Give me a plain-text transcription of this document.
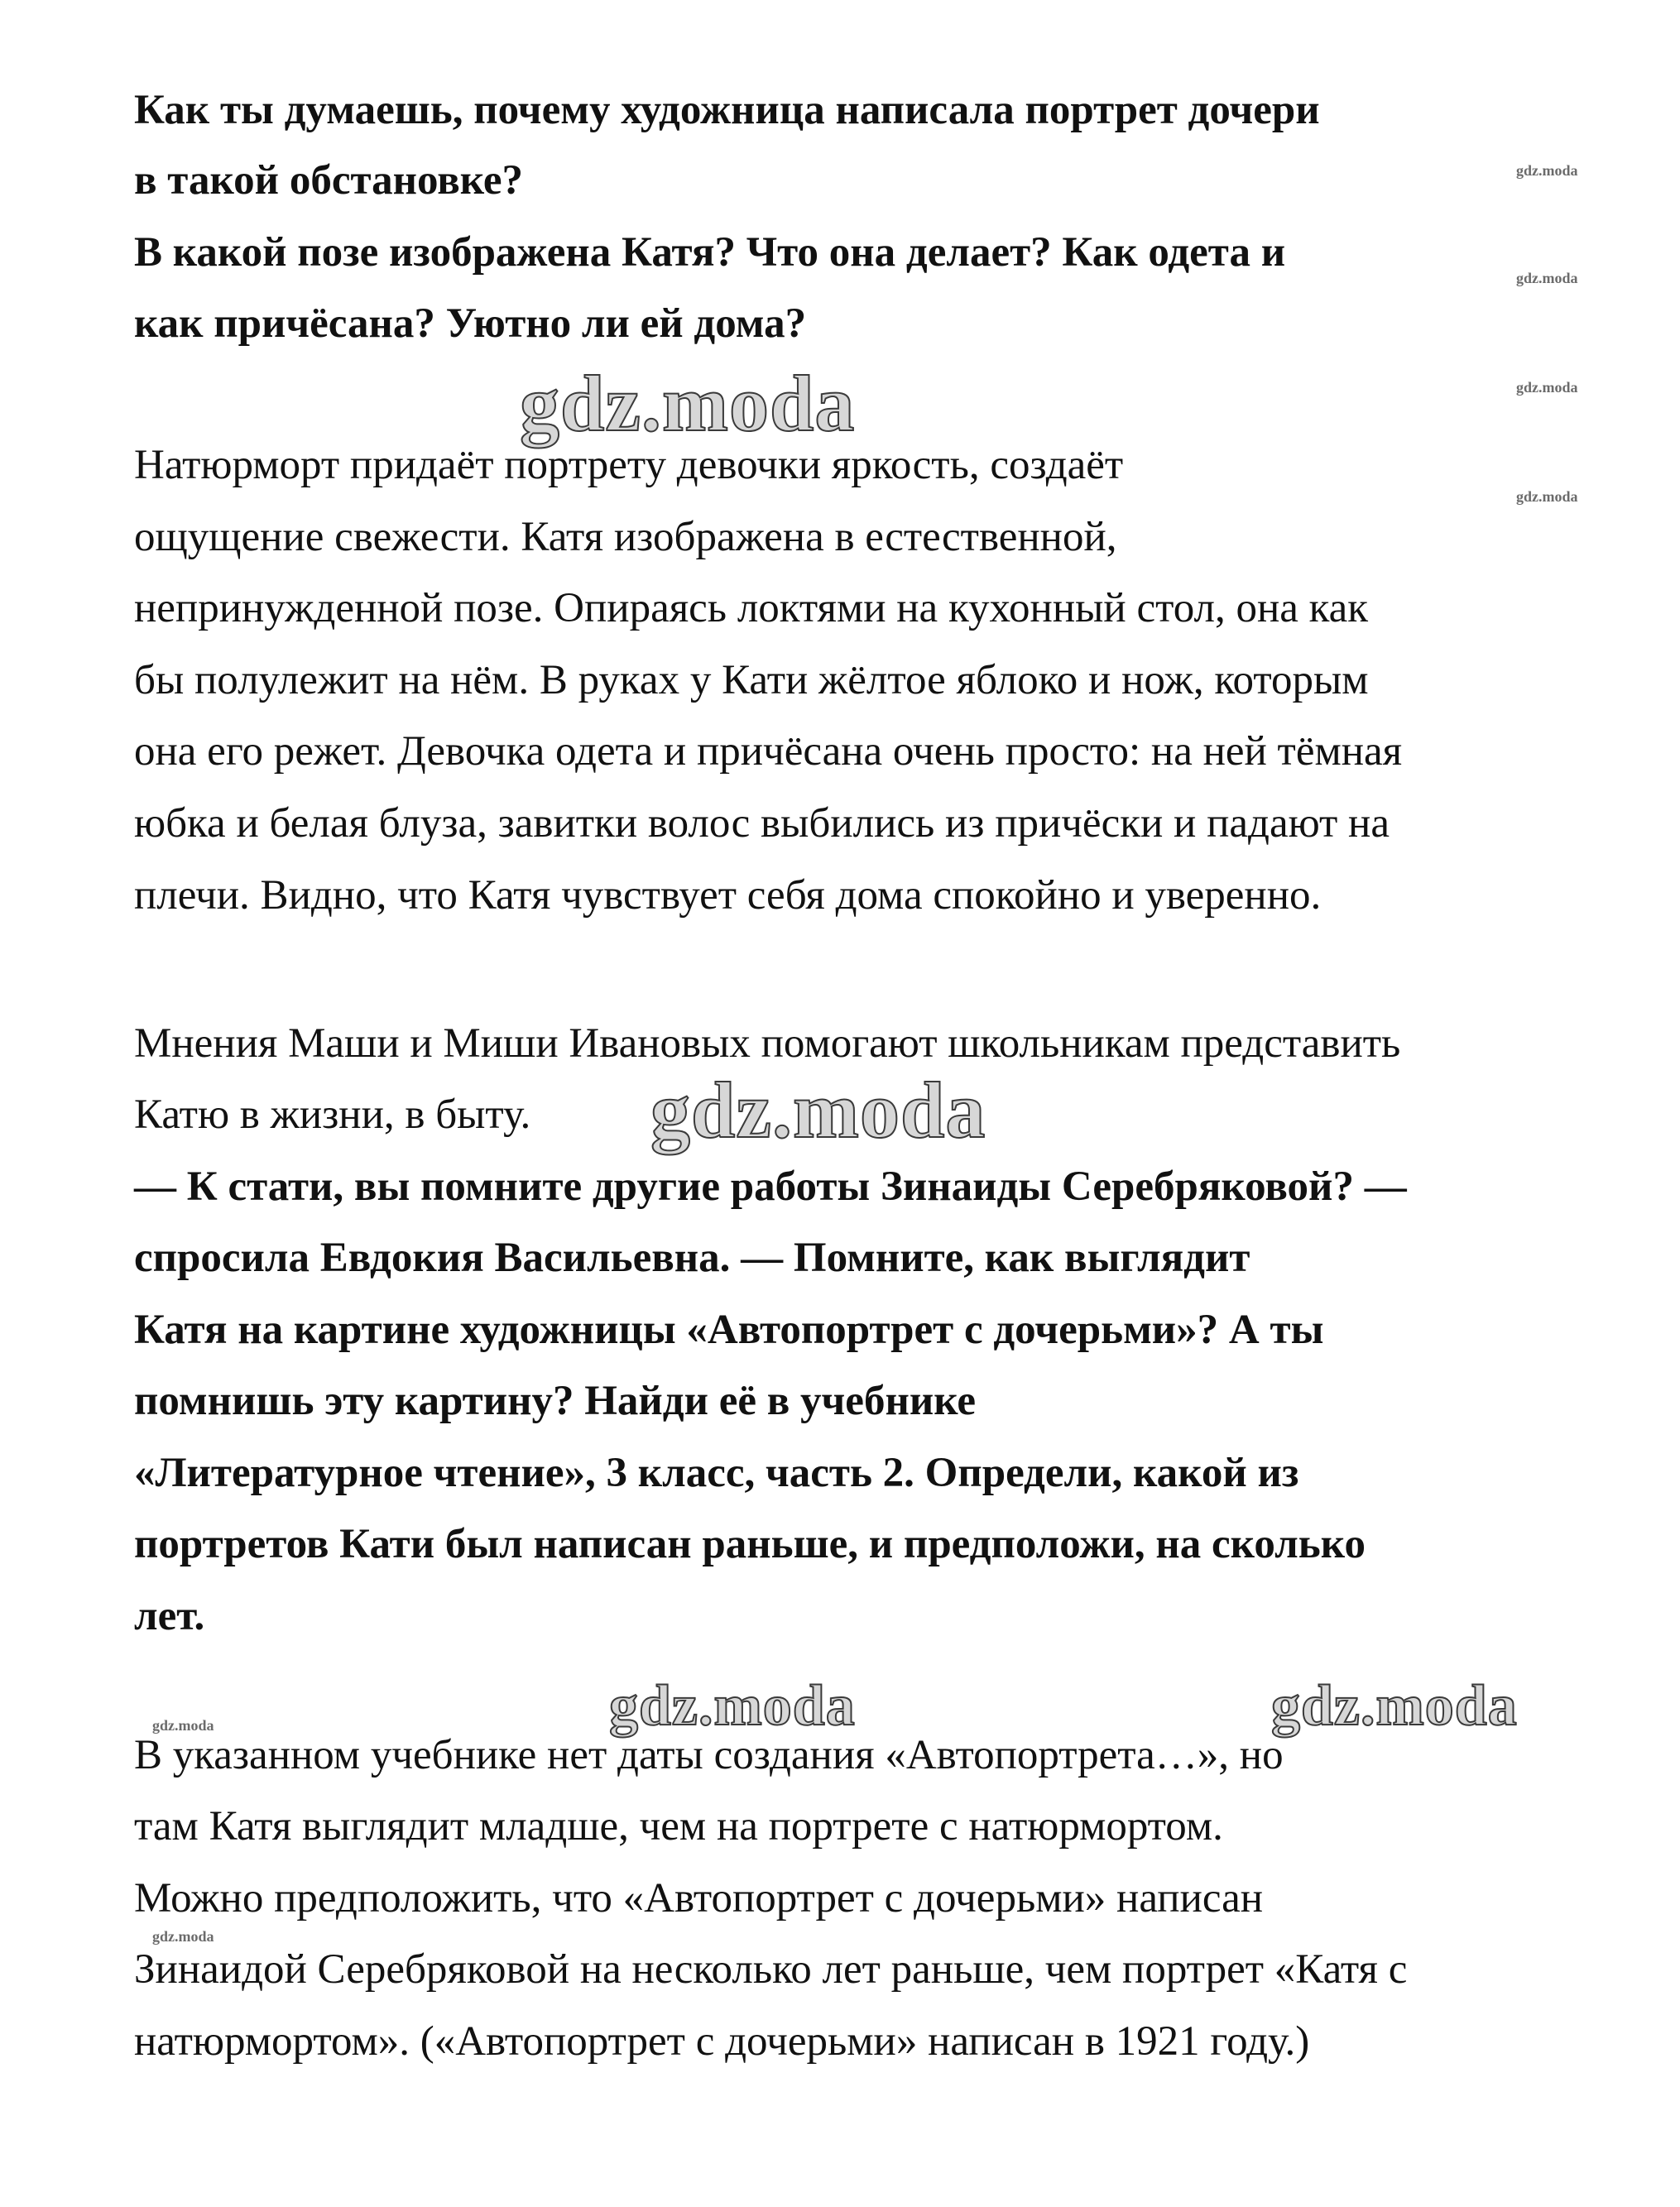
Как ты думаешь, почему художница написала портрет дочери
в такой обстановке?
В какой позе изображена Катя? Что она делает? Как одета и
как причёсана? Уютно ли ей дома?
Натюрморт придаёт портрету девочки яркость, создаёт
ощущение свежести. Катя изображена в естественной,
непринужденной позе. Опираясь локтями на кухонный стол, она как
бы полулежит на нём. В руках у Кати жёлтое яблоко и нож, которым
она его режет. Девочка одета и причёсана очень просто: на ней тёмная
юбка и белая блуза, завитки волос выбились из причёски и падают на
плечи. Видно, что Катя чувствует себя дома спокойно и уверенно.
Мнения Маши и Миши Ивановых помогают школьникам представить
Катю в жизни, в быту.
— К стати, вы помните другие работы Зинаиды Серебряковой? —
спросила Евдокия Васильевна. — Помните, как выглядит
Катя на картине художницы «Автопортрет с дочерьми»? А ты
помнишь эту картину? Найди её в учебнике
«Литературное чтение», 3 класс, часть 2. Определи, какой из
портретов Кати был написан раньше, и предположи, на сколько
лет.
В указанном учебнике нет даты создания «Автопортрета…», но
там Катя выглядит младше, чем на портрете с натюрмортом.
Можно предположить, что «Автопортрет с дочерьми» написан
Зинаидой Серебряковой на несколько лет раньше, чем портрет «Катя с
натюрмортом». («Автопортрет с дочерьми» написан в 1921 году.)
gdz.moda
gdz.moda
gdz.moda
gdz.moda
gdz.moda
gdz.moda
gdz.moda
gdz.moda
gdz.moda	gdz.moda
